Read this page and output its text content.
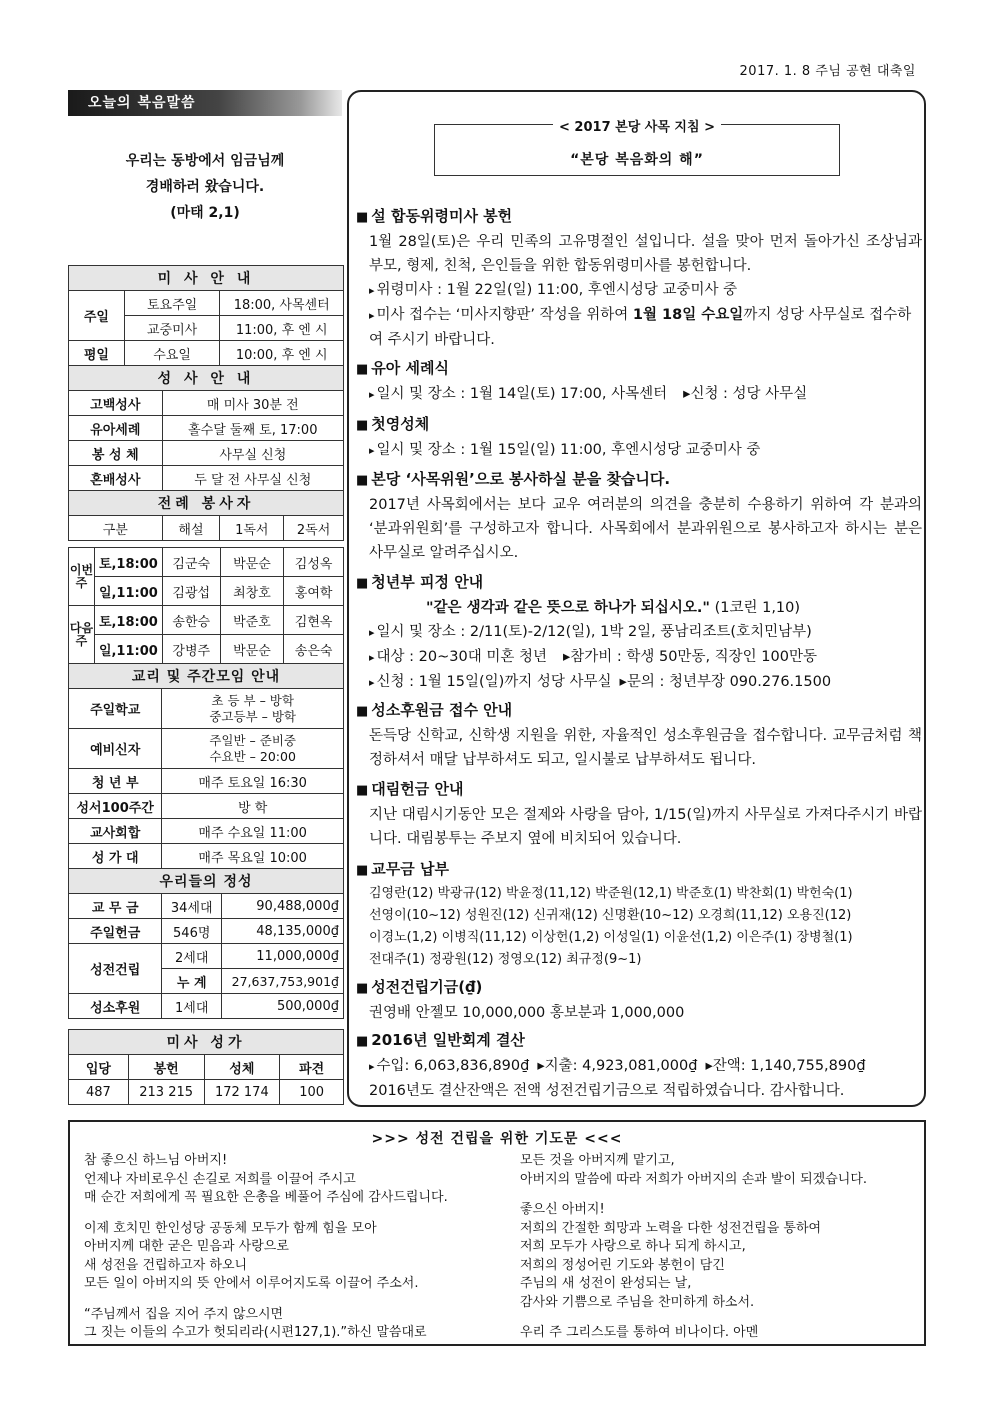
2017. 1. 8 주님 공현 대축일
오늘의 복음말씀
우리는 동방에서 임금님께
경배하러 왔습니다.
(마태 2,1)
미 사 안 내				
주일	토요주일		18:00, 사목센터	
	교중미사		11:00, 후 엔 시	
평일	수요일		10:00, 후 엔 시	
성 사 안 내				
고백성사		매 미사 30분 전		
유아세례		홀수달 둘째 토, 17:00		
봉 성 체		사무실 신청		
혼배성사		두 달 전 사무실 신청		
전례 봉사자				
구분		해설	1독서	2독서
이번주	토,18:00	김군숙	박문순	김성옥
	일,11:00	김광섭	최창호	홍여학
다음주	토,18:00	송한승	박준호	김현옥
	일,11:00	강병주	박문순	송은숙
교리 및 주간모임 안내		
주일학교	초 등 부 – 방학
중고등부 – 방학	

예비신자	주일반 – 준비중
수요반 – 20:00	

청 년 부	매주 토요일 16:30	
성서100주간	방 학	
교사회합	매주 수요일 11:00	
성 가 대	매주 목요일 10:00	
우리들의 정성		
교 무 금	34세대	90,488,000₫
주일헌금	546명	48,135,000₫
성전건립	2세대	11,000,000₫
	누 계	27,637,753,901₫
성소후원	1세대	500,000₫
미사 성가			
입당	봉헌	성체	파견
487	213 215	172 174	100
< 2017 본당 사목 지침 >
“본당 복음화의 해”
■ 설 합동위령미사 봉헌
1월 28일(토)은 우리 민족의 고유명절인 설입니다. 설을 맞아 먼저 돌아가신 조상님과 부모, 형제, 친척, 은인들을 위한 합동위령미사를 봉헌합니다.
▸ 위령미사 : 1월 22일(일) 11:00, 후엔시성당 교중미사 중
▸ 미사 접수는 ‘미사지향판’ 작성을 위하여 1월 18일 수요일까지 성당 사무실로 접수하여 주시기 바랍니다.
■ 유아 세례식
▸ 일시 및 장소 : 1월 14일(토) 17:00, 사목센터 ▸신청 : 성당 사무실
■ 첫영성체
▸ 일시 및 장소 : 1월 15일(일) 11:00, 후엔시성당 교중미사 중
■ 본당 ‘사목위원’으로 봉사하실 분을 찾습니다.
2017년 사목회에서는 보다 교우 여러분의 의견을 충분히 수용하기 위하여 각 분과의 ‘분과위원회’를 구성하고자 합니다. 사목회에서 분과위원으로 봉사하고자 하시는 분은 사무실로 알려주십시오.
■ 청년부 피정 안내
"같은 생각과 같은 뜻으로 하나가 되십시오." (1코린 1,10)
▸ 일시 및 장소 : 2/11(토)-2/12(일), 1박 2일, 풍남리조트(호치민남부)
▸ 대상 : 20~30대 미혼 청년 ▸참가비 : 학생 50만동, 직장인 100만동
▸ 신청 : 1월 15일(일)까지 성당 사무실 ▸문의 : 청년부장 090.276.1500
■ 성소후원금 접수 안내
돈득당 신학교, 신학생 지원을 위한, 자율적인 성소후원금을 접수합니다. 교무금처럼 책정하셔서 매달 납부하셔도 되고, 일시불로 납부하셔도 됩니다.
■ 대림헌금 안내
지난 대림시기동안 모은 절제와 사랑을 담아, 1/15(일)까지 사무실로 가져다주시기 바랍니다. 대림봉투는 주보지 옆에 비치되어 있습니다.
■ 교무금 납부
김영란(12) 박광규(12) 박윤정(11,12) 박준원(12,1) 박준호(1) 박찬회(1) 박헌숙(1)
선영이(10~12) 성원진(12) 신귀재(12) 신명환(10~12) 오경희(11,12) 오용진(12)
이경노(1,2) 이병직(11,12) 이상헌(1,2) 이성일(1) 이윤선(1,2) 이은주(1) 장병철(1)
전대주(1) 정광원(12) 정영오(12) 최규정(9~1)
■ 성전건립기금(₫)
권영배 안젤모 10,000,000 홍보분과 1,000,000
■ 2016년 일반회계 결산
▸ 수입: 6,063,836,890₫ ▸지출: 4,923,081,000₫ ▸잔액: 1,140,755,890₫
2016년도 결산잔액은 전액 성전건립기금으로 적립하였습니다. 감사합니다.
>>> 성전 건립을 위한 기도문 <<<
참 좋으신 하느님 아버지!
언제나 자비로우신 손길로 저희를 이끌어 주시고
매 순간 저희에게 꼭 필요한 은총을 베풀어 주심에 감사드립니다.
이제 호치민 한인성당 공동체 모두가 함께 힘을 모아
아버지께 대한 굳은 믿음과 사랑으로
새 성전을 건립하고자 하오니
모든 일이 아버지의 뜻 안에서 이루어지도록 이끌어 주소서.
“주님께서 집을 지어 주지 않으시면
그 짓는 이들의 수고가 헛되리라(시편127,1).”하신 말씀대로
모든 것을 아버지께 맡기고,
아버지의 말씀에 따라 저희가 아버지의 손과 발이 되겠습니다.
좋으신 아버지!
저희의 간절한 희망과 노력을 다한 성전건립을 통하여
저희 모두가 사랑으로 하나 되게 하시고,
저희의 정성어린 기도와 봉헌이 담긴
주님의 새 성전이 완성되는 날,
감사와 기쁨으로 주님을 찬미하게 하소서.
우리 주 그리스도를 통하여 비나이다. 아멘
